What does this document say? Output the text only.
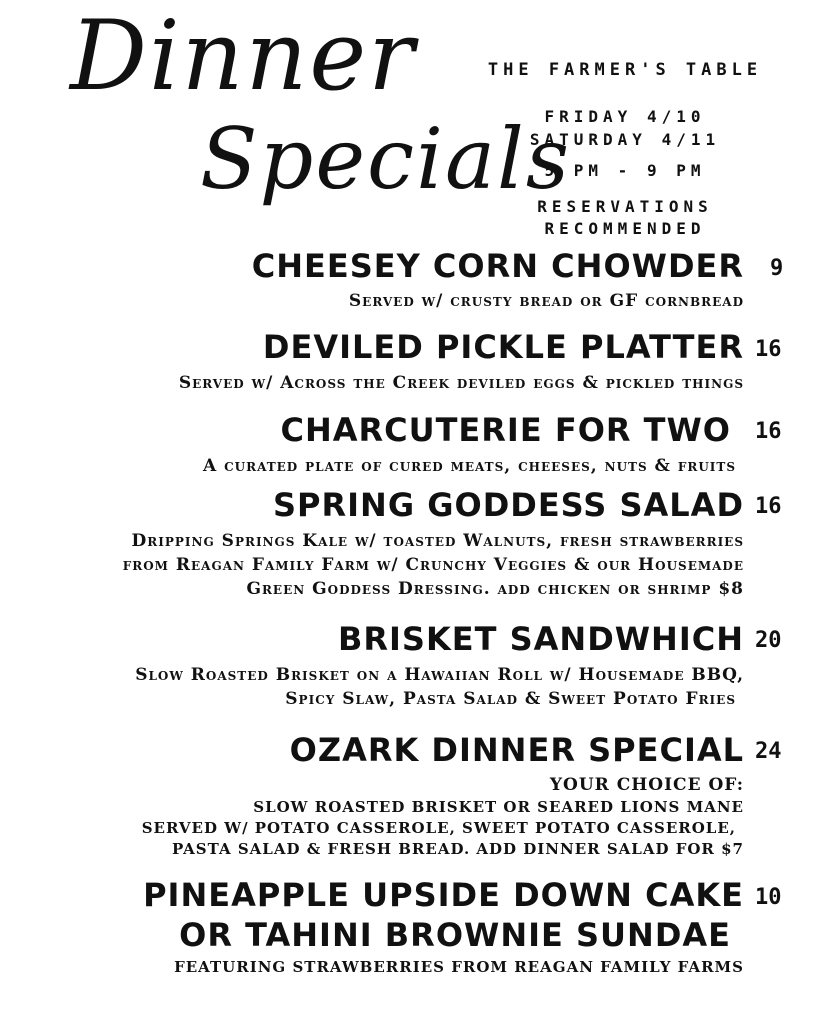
Dinner
Specials
THE FARMER'S TABLE
FRIDAY 4/10
SATURDAY 4/11
5 PM - 9 PM
RESERVATIONS
RECOMMENDED
CHEESEY CORN CHOWDER 9
Served w/ crusty bread or GF cornbread
DEVILED PICKLE PLATTER 16
Served w/ Across the Creek deviled eggs & pickled things
CHARCUTERIE FOR TWO 16
A curated plate of cured meats, cheeses, nuts & fruits
SPRING GODDESS SALAD 16
Dripping Springs Kale w/ toasted Walnuts, fresh strawberries
from Reagan Family Farm w/ Crunchy Veggies & our Housemade
Green Goddess Dressing. add chicken or shrimp $8
BRISKET SANDWHICH 20
Slow Roasted Brisket on a Hawaiian Roll w/ Housemade BBQ,
Spicy Slaw, Pasta Salad & Sweet Potato Fries
OZARK DINNER SPECIAL 24
YOUR CHOICE OF:
SLOW ROASTED BRISKET OR SEARED LIONS MANE
SERVED W/ POTATO CASSEROLE, SWEET POTATO CASSEROLE,
PASTA SALAD & FRESH BREAD. ADD DINNER SALAD FOR $7
PINEAPPLE UPSIDE DOWN CAKE 10
OR TAHINI BROWNIE SUNDAE
FEATURING STRAWBERRIES FROM REAGAN FAMILY FARMS
